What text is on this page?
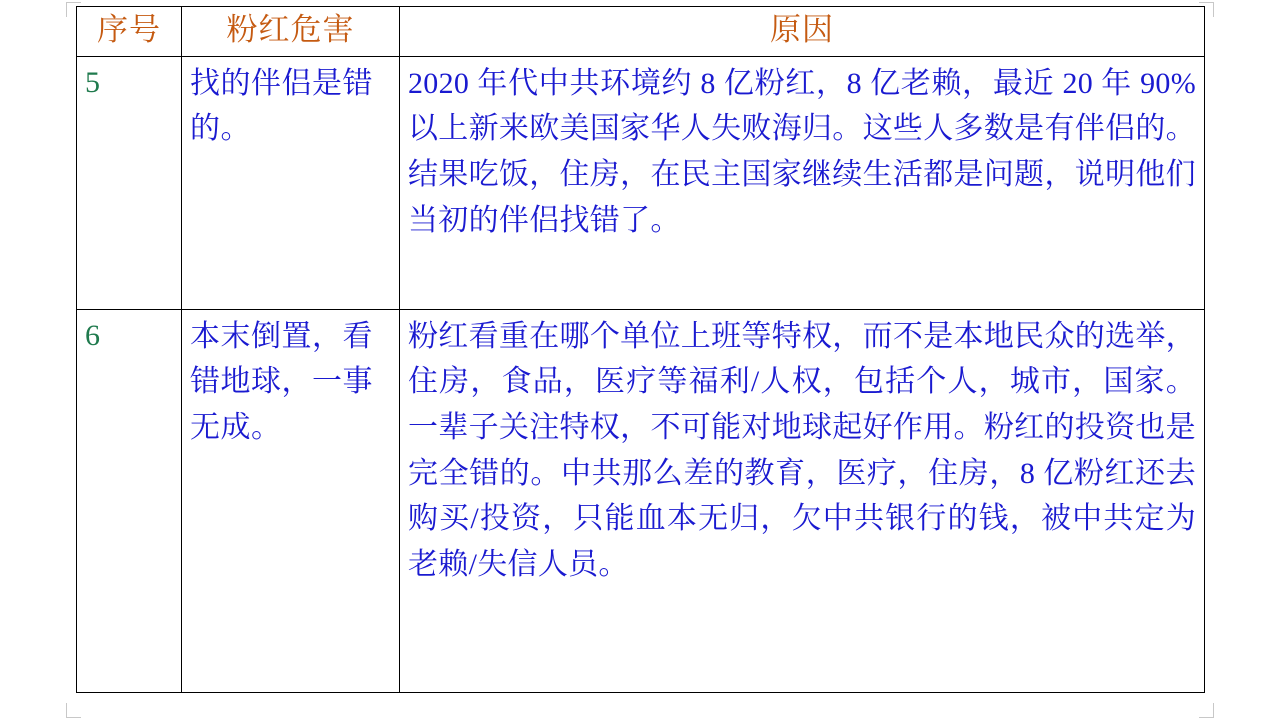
序号	粉红危害	原因
5	找的伴侣是错的。	2020 年代中共环境约 8 亿粉红，8 亿老赖，最近 20 年 90%以上新来欧美国家华人失败海归。这些人多数是有伴侣的。结果吃饭，住房，在民主国家继续生活都是问题，说明他们当初的伴侣找错了。
6	本末倒置，看错地球，一事无成。	粉红看重在哪个单位上班等特权，而不是本地民众的选举，住房，食品，医疗等福利/人权，包括个人，城市，国家。一辈子关注特权，不可能对地球起好作用。粉红的投资也是完全错的。中共那么差的教育，医疗，住房，8 亿粉红还去购买/投资，只能血本无归，欠中共银行的钱，被中共定为老赖/失信人员。
